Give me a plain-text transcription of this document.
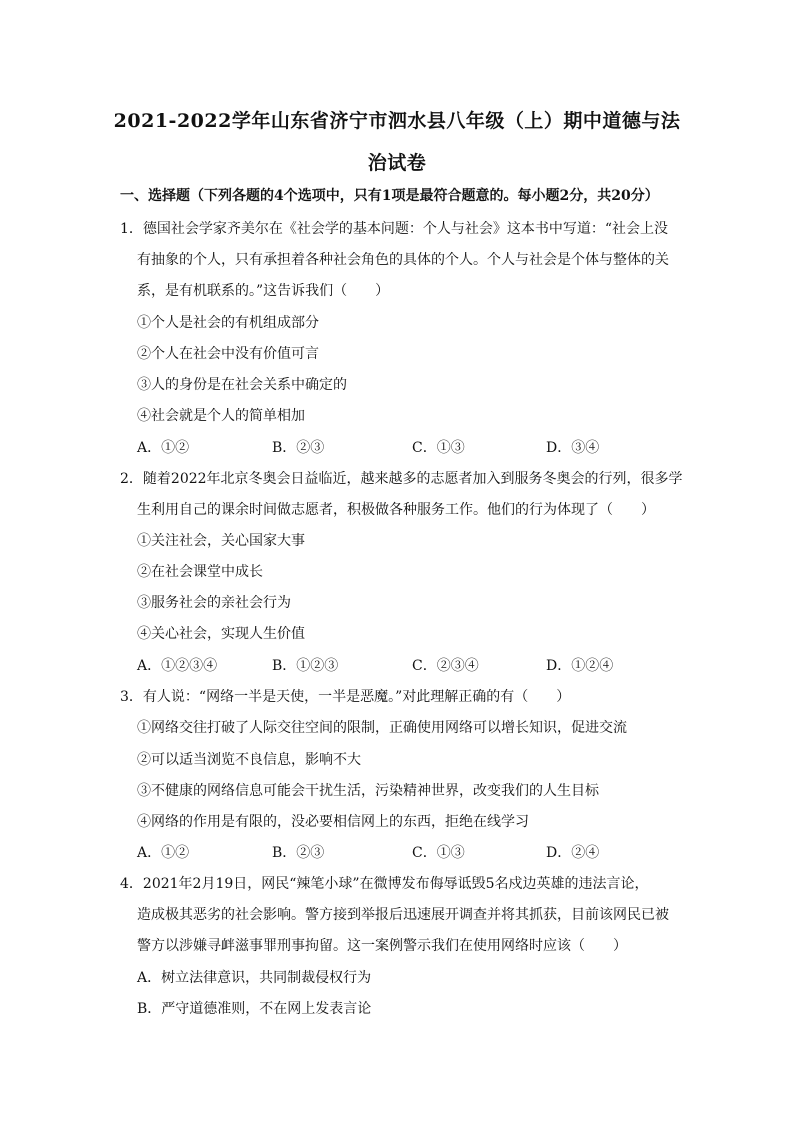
2021-2022学年山东省济宁市泗水县八年级（上）期中道德与法
治试卷
一、选择题（下列各题的4个选项中，只有1项是最符合题意的。每小题2分，共20分）
1．德国社会学家齐美尔在《社会学的基本问题：个人与社会》这本书中写道：“社会上没
有抽象的个人，只有承担着各种社会角色的具体的个人。个人与社会是个体与整体的关
系，是有机联系的。”这告诉我们（　　）
①个人是社会的有机组成部分
②个人在社会中没有价值可言
③人的身份是在社会关系中确定的
④社会就是个人的简单相加
A．①②	B．②③	C．①③	D．③④
2．随着2022年北京冬奥会日益临近，越来越多的志愿者加入到服务冬奥会的行列，很多学
生利用自己的课余时间做志愿者，积极做各种服务工作。他们的行为体现了（　　）
①关注社会，关心国家大事
②在社会课堂中成长
③服务社会的亲社会行为
④关心社会，实现人生价值
A．①②③④	B．①②③	C．②③④	D．①②④
3．有人说：“网络一半是天使，一半是恶魔。”对此理解正确的有（　　）
①网络交往打破了人际交往空间的限制，正确使用网络可以增长知识，促进交流
②可以适当浏览不良信息，影响不大
③不健康的网络信息可能会干扰生活，污染精神世界，改变我们的人生目标
④网络的作用是有限的，没必要相信网上的东西，拒绝在线学习
A．①②	B．②③	C．①③	D．②④
4．2021年2月19日，网民“辣笔小球”在微博发布侮辱诋毁5名戍边英雄的违法言论，
造成极其恶劣的社会影响。警方接到举报后迅速展开调查并将其抓获，目前该网民已被
警方以涉嫌寻衅滋事罪刑事拘留。这一案例警示我们在使用网络时应该（　　）
A．树立法律意识，共同制裁侵权行为
B．严守道德准则，不在网上发表言论
